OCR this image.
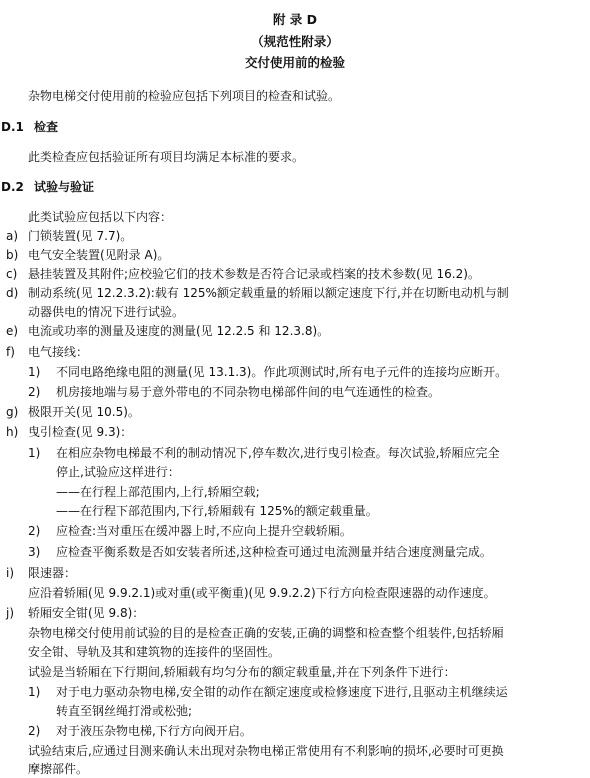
附 录 D
（规范性附录）
交付使用前的检验
杂物电梯交付使用前的检验应包括下列项目的检查和试验。
D.1 检查
此类检查应包括验证所有项目均满足本标准的要求。
D.2 试验与验证
此类试验应包括以下内容：
a) 门锁装置(见 7.7)。
b) 电气安全装置(见附录 A)。
c) 悬挂装置及其附件;应校验它们的技术参数是否符合记录或档案的技术参数(见 16.2)。
d) 制动系统(见 12.2.3.2):载有 125%额定载重量的轿厢以额定速度下行,并在切断电动机与制
动器供电的情况下进行试验。
e) 电流或功率的测量及速度的测量(见 12.2.5 和 12.3.8)。
f) 电气接线：
1) 不同电路绝缘电阻的测量(见 13.1.3)。作此项测试时,所有电子元件的连接均应断开。
2) 机房接地端与易于意外带电的不同杂物电梯部件间的电气连通性的检查。
g) 极限开关(见 10.5)。
h) 曳引检查(见 9.3)：
1) 在相应杂物电梯最不利的制动情况下,停车数次,进行曳引检查。每次试验,轿厢应完全
停止,试验应这样进行：
——在行程上部范围内,上行,轿厢空载;
——在行程下部范围内,下行,轿厢载有 125%的额定载重量。
2) 应检查:当对重压在缓冲器上时,不应向上提升空载轿厢。
3) 应检查平衡系数是否如安装者所述,这种检查可通过电流测量并结合速度测量完成。
i) 限速器：
应沿着轿厢(见 9.9.2.1)或对重(或平衡重)(见 9.9.2.2)下行方向检查限速器的动作速度。
j) 轿厢安全钳(见 9.8)：
杂物电梯交付使用前试验的目的是检查正确的安装,正确的调整和检查整个组装件,包括轿厢
安全钳、导轨及其和建筑物的连接件的坚固性。
试验是当轿厢在下行期间,轿厢载有均匀分布的额定载重量,并在下列条件下进行：
1) 对于电力驱动杂物电梯,安全钳的动作在额定速度或检修速度下进行,且驱动主机继续运
转直至钢丝绳打滑或松弛;
2) 对于液压杂物电梯,下行方向阀开启。
试验结束后,应通过目测来确认未出现对杂物电梯正常使用有不利影响的损坏,必要时可更换
摩擦部件。
